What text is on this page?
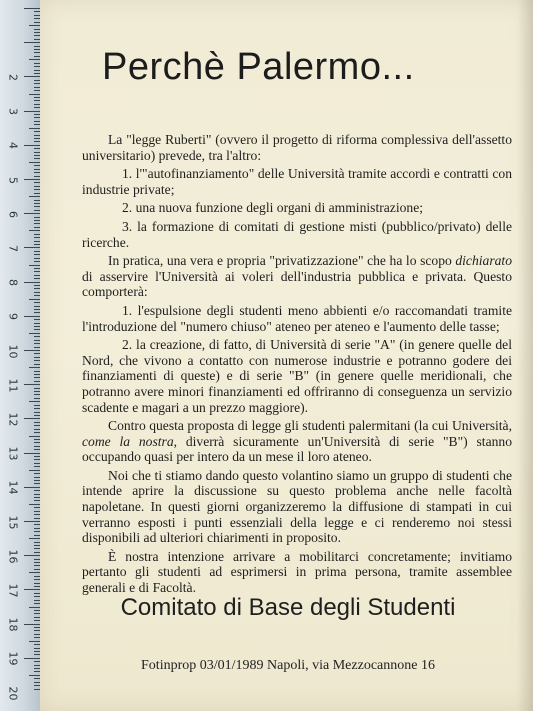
2
3
4
5
6
7
8
9
10
11
12
13
14
15
16
17
18
19
20
Perchè Palermo...

La "legge Ruberti" (ovvero il progetto di riforma complessiva dell'assetto universitario) prevede, tra l'altro:

1. l'"autofinanziamento" delle Università tramite accordi e contratti con industrie private;

2. una nuova funzione degli organi di amministrazione;

3. la formazione di comitati di gestione misti (pubblico/privato) delle ricerche.

In pratica, una vera e propria "privatizzazione" che ha lo scopo dichiarato di asservire l'Università ai voleri dell'industria pubblica e privata. Questo comporterà:

1. l'espulsione degli studenti meno abbienti e/o raccomandati tramite l'introduzione del "numero chiuso" ateneo per ateneo e l'aumento delle tasse;

2. la creazione, di fatto, di Università di serie "A" (in genere quelle del Nord, che vivono a contatto con numerose industrie e potranno godere dei finanziamenti di queste) e di serie "B" (in genere quelle meridionali, che potranno avere minori finanziamenti ed offriranno di conseguenza un servizio scadente e magari a un prezzo maggiore).

Contro questa proposta di legge gli studenti palermitani (la cui Università, come la nostra, diverrà sicuramente un'Università di serie "B") stanno occupando quasi per intero da un mese il loro ateneo.

Noi che ti stiamo dando questo volantino siamo un gruppo di studenti che intende aprire la discussione su questo problema anche nelle facoltà napoletane. In questi giorni organizzeremo la diffusione di stampati in cui verranno esposti i punti essenziali della legge e ci renderemo noi stessi disponibili ad ulteriori chiarimenti in proposito.

È nostra intenzione arrivare a mobilitarci concretamente; invitiamo pertanto gli studenti ad esprimersi in prima persona, tramite assemblee generali e di Facoltà.

Comitato di Base degli Studenti
Fotinprop 03/01/1989 Napoli, via Mezzocannone 16
